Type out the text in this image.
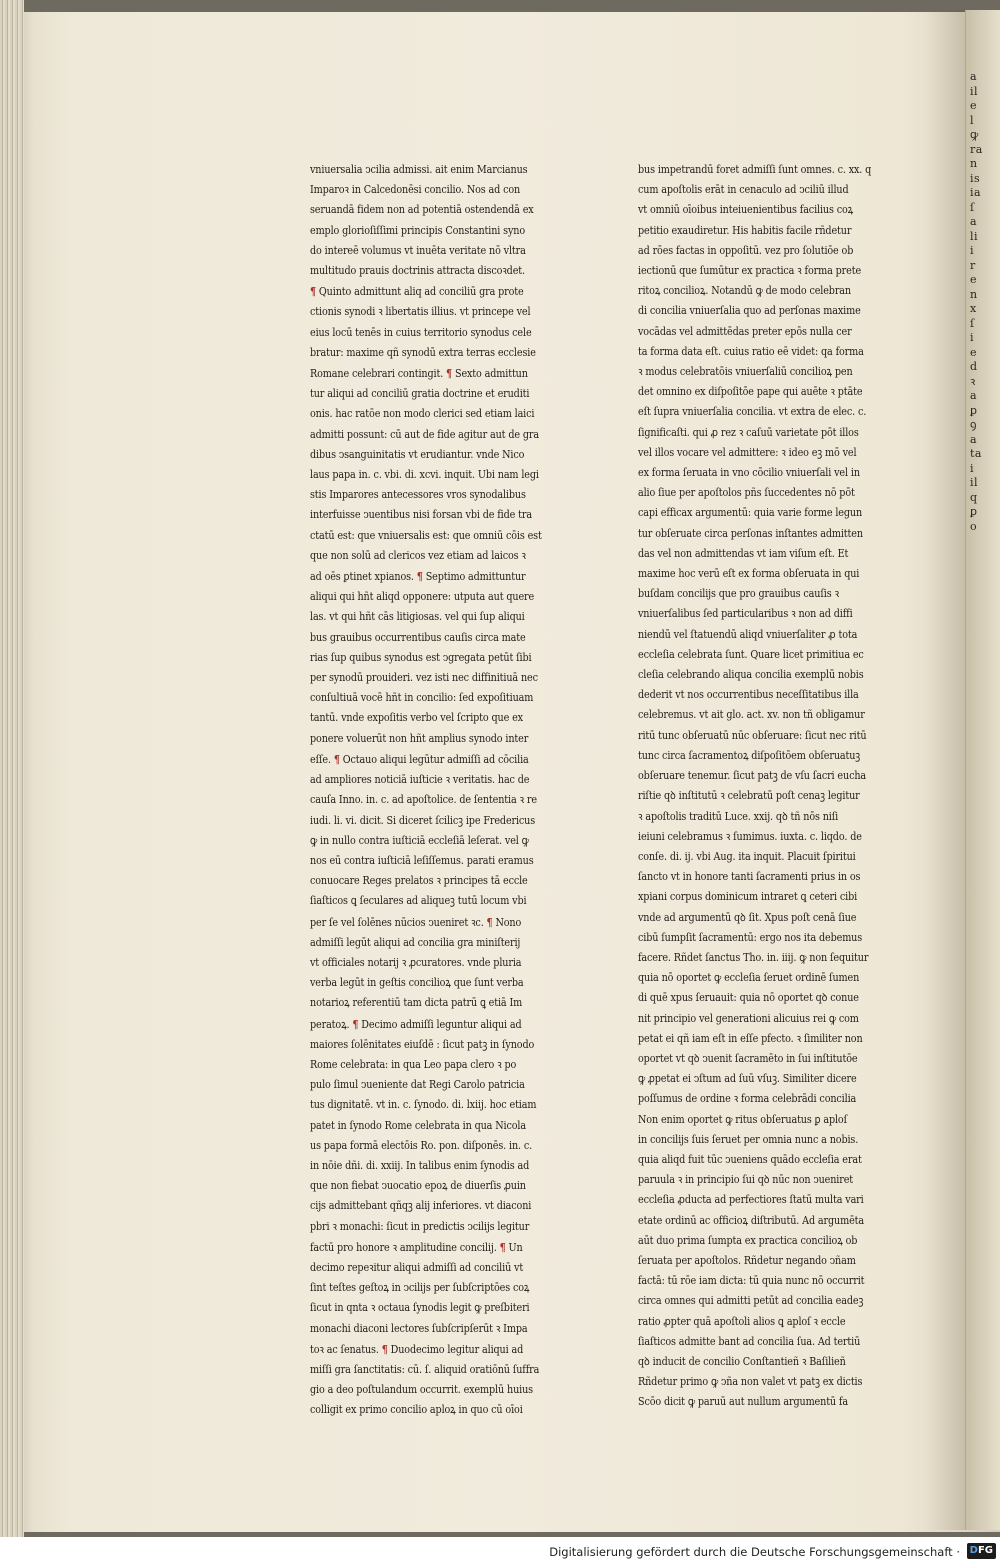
a
il
e
l
ꝙ
ra
n
is
ia
ſ
a
li
i
r
e
n
x
ſ
i
e
d
ꝛ
a
ꝑ
ꝯ
a
ta
i
il
q
ꝑ
o
vniuersalia ↄcilia admissi. ait enim Marcianus
Imparoꝛ in Calcedonēsi concilio. Nos ad con
seruandā fidem non ad potentiā ostendendā ex
emplo glorioſiſſimi principis Constantini syno
do intereē volumus vt inuēta veritate nō vltra
multitudo prauis doctrinis attracta discoꝛdet.
¶ Quinto admittunt aliq ad conciliū gra prote
ctionis synodi ꝛ libertatis illius. vt princepe vel
eius locū tenēs in cuius territorio synodus cele
bratur: maxime qñ synodū extra terras ecclesie
Romane celebrari contingit. ¶ Sexto admittun
tur aliqui ad conciliū gratia doctrine et eruditi
onis. hac ratōe non modo clerici sed etiam laici
admitti possunt: cū aut de fide agitur aut de gra
dibus ↄsanguinitatis vt erudiantur. vnde Nico
laus papa in. c. vbi. di. xcvi. inquit. Ubi nam legi
stis Imparores antecessores vros synodalibus
interfuisse ↄuentibus nisi forsan vbi de fide tra
ctatū est: que vniuersalis est: que omniū cōis est
que non solū ad clericos vez etiam ad laicos ꝛ
ad oēs ꝑtinet xpianos. ¶ Septimo admittuntur
aliqui qui hñt aliqd opponere: utputa aut quere
las. vt qui hñt cās litigiosas. vel qui ſup aliqui
bus grauibus occurrentibus cauſis circa mate
rias ſup quibus synodus est ↄgregata petūt ſibi
per synodū prouideri. vez isti nec diffinitiuā nec
conſultiuā vocē hñt in concilio: ſed expoſitiuam
tantū. vnde expoſitis verbo vel ſcripto que ex
ponere voluerūt non hñt amplius synodo inter
eſſe. ¶ Octauo aliqui legūtur admiſſi ad cōcilia
ad ampliores noticiā iuſticie ꝛ veritatis. hac de
cauſa Inno. in. c. ad apoſtolice. de ſententia ꝛ re
iudi. li. vi. dicit. Si diceret ſcilicꝫ ipe Fredericus
ꝙ in nullo contra iuſticiā eccleſiā leſerat. vel ꝙ
nos eū contra iuſticiā leſiſſemus. parati eramus
conuocare Reges prelatos ꝛ principes tā eccle
ſiaſticos ꝗ ſeculares ad aliqueꝫ tutū locum vbi
per ſe vel ſolēnes nūcios ↄueniret ꝛc. ¶ Nono
admiſſi legūt aliqui ad concilia gra miniſterij
vt officiales notarij ꝛ ꝓcuratores. vnde pluria
verba legūt in geſtis concilioꝝ que ſunt verba
notarioꝝ referentiū tam dicta patrū ꝗ etiā Im
peratoꝝ. ¶ Decimo admiſſi leguntur aliqui ad
maiores ſolēnitates eiuſdē : ſicut patꝫ in ſynodo
Rome celebrata: in qua Leo papa clero ꝛ po
pulo ſimul ↄueniente dat Regi Carolo patricia
tus dignitatē. vt in. c. ſynodo. di. lxiij. hoc etiam
patet in ſynodo Rome celebrata in qua Nicola
us papa formā electōis Ro. pon. diſponēs. in. c.
in nōie dñi. di. xxiij. In talibus enim ſynodis ad
que non fiebat ↄuocatio epoꝝ de diuerſis ꝓuin
cijs admittebant qñqꝫ alij inferiores. vt diaconi
pbri ꝛ monachi: ſicut in predictis ↄcilijs legitur
factū pro honore ꝛ amplitudine concilij. ¶ Un
decimo repeꝛitur aliqui admiſſi ad conciliū vt
ſint teſtes geſtoꝝ in ↄcilijs per ſubſcriptōes coꝝ
ſicut in qnta ꝛ octaua ſynodis legit ꝙ preſbiteri
monachi diaconi lectores ſubſcripſerūt ꝛ Impa
toꝛ ac ſenatus. ¶ Duodecimo legitur aliqui ad
miſſi gra ſanctitatis: cū. ſ. aliquid oratiōnū ſuffra
gio a deo poſtulandum occurrit. exemplū huius
colligit ex primo concilio aploꝝ in quo cū oīoi
bus impetrandū foret admiſſi ſunt omnes. c. xx. q
cum apoſtolis erāt in cenaculo ad ↄciliū illud
vt omniū oīoibus inteiuenientibus facilius coꝝ
petitio exaudiretur. His habitis facile rñdetur
ad rōes factas in oppoſitū. vez pro ſolutiōe ob
iectionū que ſumūtur ex practica ꝛ forma prete
ritoꝝ concilioꝝ. Notandū ꝙ de modo celebran
di concilia vniuerſalia quo ad perſonas maxime
vocādas vel admittēdas preter epōs nulla cer
ta forma data eſt. cuius ratio eē videt: qa forma
ꝛ modus celebratōis vniuerſaliū concilioꝝ pen
det omnino ex diſpoſitōe pape qui auēte ꝛ ptāte
eſt ſupra vniuerſalia concilia. vt extra de elec. c.
ſignificaſti. qui ꝓ rez ꝛ caſuū varietate pōt illos
vel illos vocare vel admittere: ꝛ ideo eꝫ mō vel
ex forma ſeruata in vno cōcilio vniuerſali vel in
alio ſiue per apoſtolos pñs ſuccedentes nō pōt
capi efficax argumentū: quia varie forme legun
tur obſeruate circa perſonas inſtantes admitten
das vel non admittendas vt iam viſum eſt. Et
maxime hoc verū eſt ex forma obſeruata in qui
buſdam concilijs que pro grauibus cauſis ꝛ
vniuerſalibus ſed particularibus ꝛ non ad diffi
niendū vel ſtatuendū aliqd vniuerſaliter ꝓ tota
eccleſia celebrata ſunt. Quare licet primitiua ec
cleſia celebrando aliqua concilia exemplū nobis
dederit vt nos occurrentibus neceſſitatibus illa
celebremus. vt ait glo. act. xv. non tñ obligamur
ritū tunc obſeruatū nūc obſeruare: ſicut nec ritū
tunc circa ſacramentoꝝ diſpoſitōem obſeruatuꝫ
obſeruare tenemur. ſicut patꝫ de vſu ſacri eucha
riſtie qꝺ inſtitutū ꝛ celebratū poſt cenaꝫ legitur
ꝛ apoſtolis traditū Luce. xxij. qꝺ tñ nōs niſi
ieiuni celebramus ꝛ ſumimus. iuxta. c. liqdo. de
conſe. di. ij. vbi Aug. ita inquit. Placuit ſpiritui
ſancto vt in honore tanti ſacramenti prius in os
xpiani corpus dominicum intraret ꝗ ceteri cibi
vnde ad argumentū qꝺ ſit. Xpus poſt cenā ſiue
cibū ſumpſit ſacramentū: ergo nos ita debemus
facere. Rñdet ſanctus Tho. in. iiij. ꝙ non ſequitur
quia nō oportet ꝙ eccleſia ſeruet ordinē ſumen
di quē xpus ſeruauit: quia nō oportet qꝺ conue
nit principio vel generationi alicuius rei ꝙ com
petat ei qñ iam eſt in eſſe pfecto. ꝛ ſimiliter non
oportet vt qꝺ ↄuenit ſacramēto in ſui inſtitutōe
ꝙ ꝓpetat ei ↄſtum ad ſuū vſuꝫ. Similiter dicere
poſſumus de ordine ꝛ forma celebrādi concilia
Non enim oportet ꝙ ritus obſeruatus ꝑ aploſ
in concilijs ſuis ſeruet per omnia nunc a nobis.
quia aliqd fuit tūc ↄueniens quādo eccleſia erat
paruula ꝛ in principio ſui qꝺ nūc non ↄueniret
eccleſia ꝓducta ad perfectiores ſtatū multa vari
etate ordinū ac officioꝝ diſtributū. Ad argumēta
aūt duo prima ſumpta ex practica concilioꝝ ob
ſeruata per apoſtolos. Rñdetur negando ↄñam
factā: tū rōe iam dicta: tū quia nunc nō occurrit
circa omnes qui admitti petūt ad concilia eadeꝫ
ratio ꝓpter quā apoſtoli alios ꝗ aploſ ꝛ eccle
ſiaſticos admitte bant ad concilia ſua. Ad tertiū
qꝺ inducit de concilio Conſtantieñ ꝛ Baſilieñ
Rñdetur primo ꝙ ↄña non valet vt patꝫ ex dictis
Scōo dicit ꝙ paruū aut nullum argumentū fa
Digitalisierung gefördert durch die Deutsche Forschungsgemeinschaft · DFG
